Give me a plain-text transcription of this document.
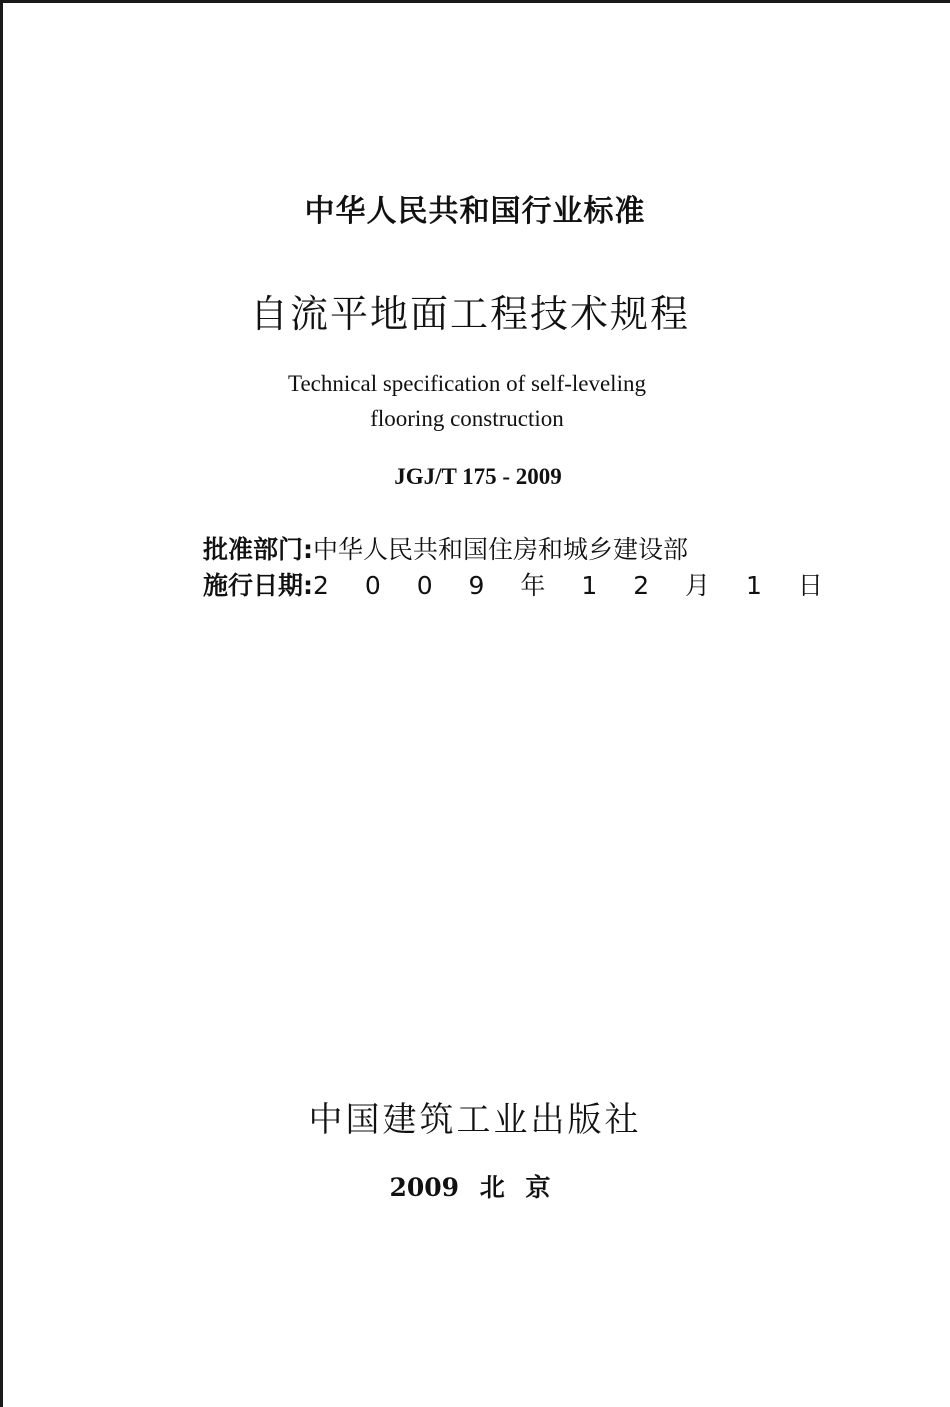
中华人民共和国行业标准
自流平地面工程技术规程
Technical specification of self-leveling
flooring construction
JGJ/T 175 - 2009
批准部门:中华人民共和国住房和城乡建设部
施行日期:2 0 0 9 年 1 2 月 1 日
中国建筑工业出版社
2009 北 京
